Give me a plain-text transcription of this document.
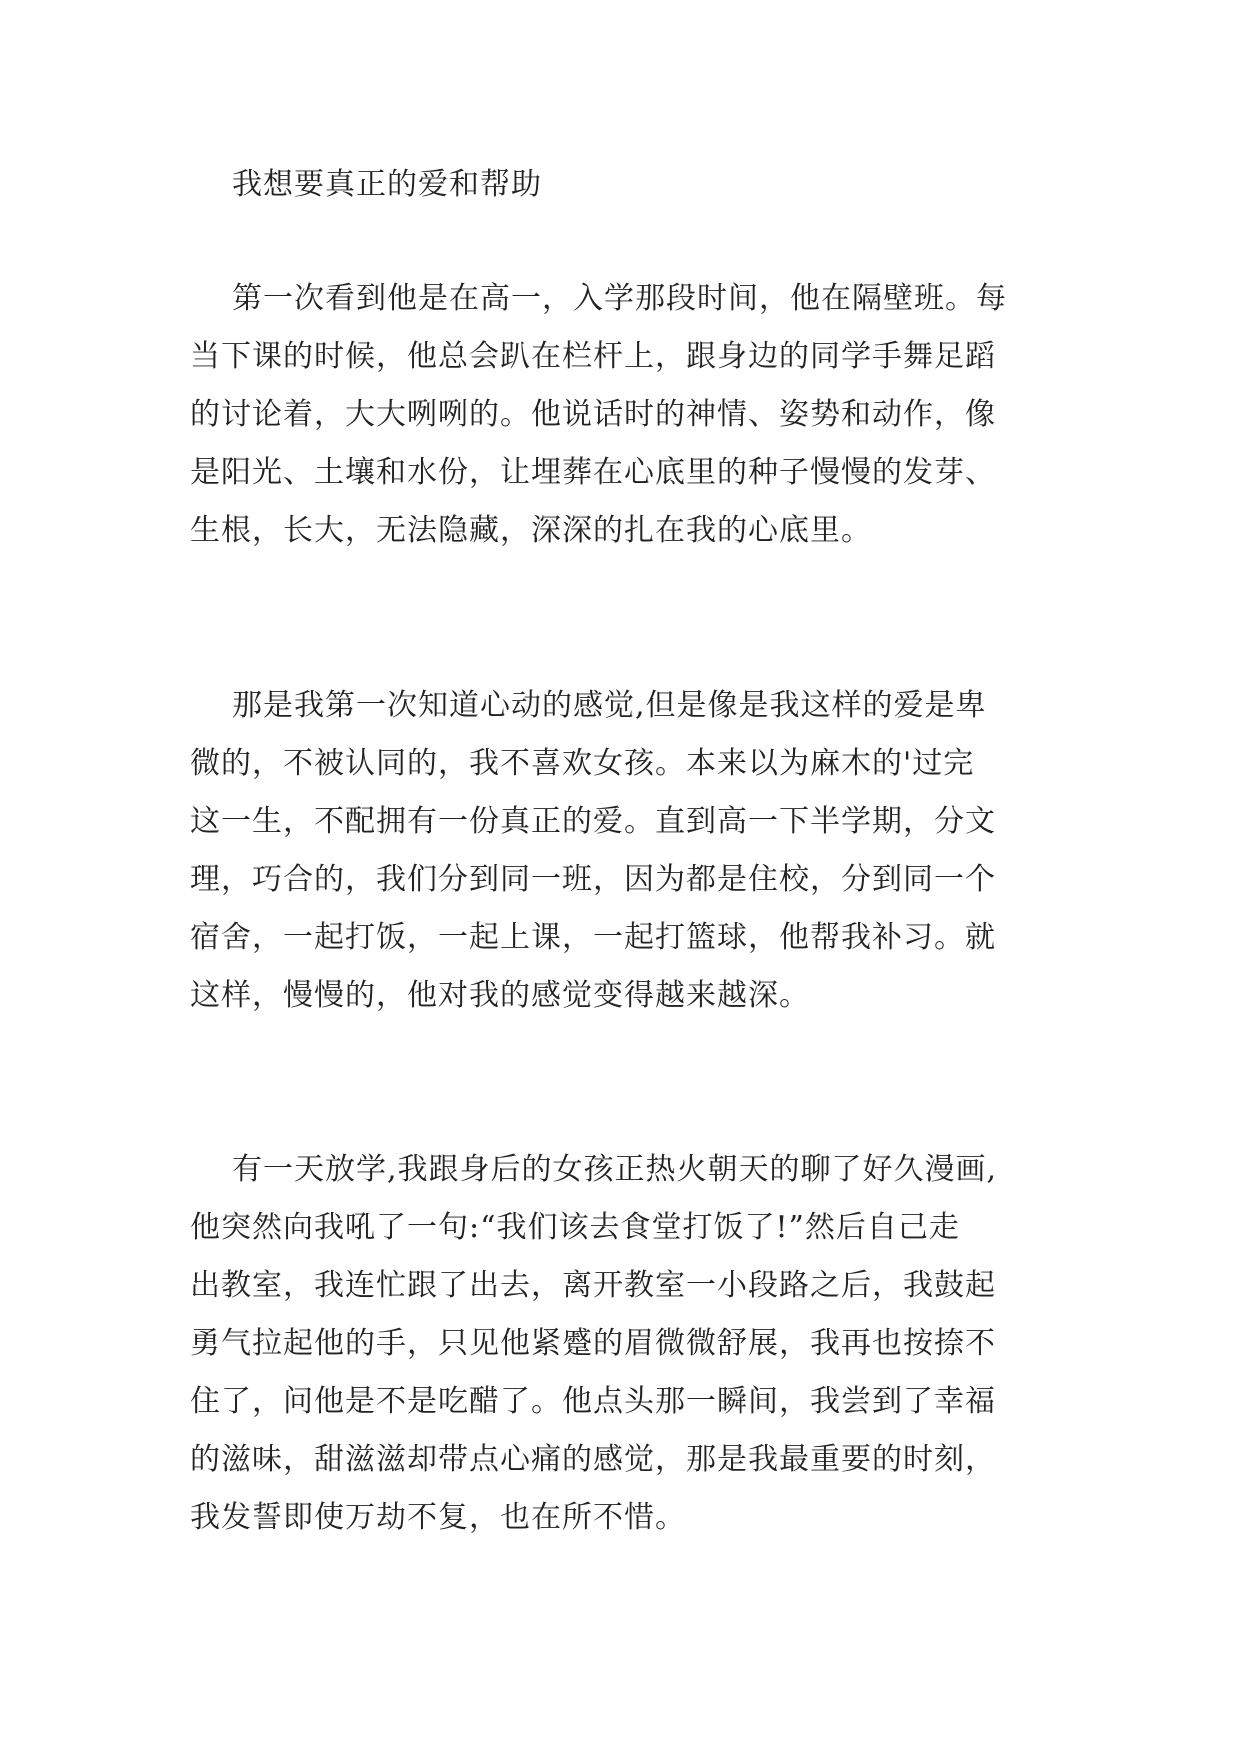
我想要真正的爱和帮助
第一次看到他是在高一，入学那段时间，他在隔壁班。每
当下课的时候，他总会趴在栏杆上，跟身边的同学手舞足蹈
的讨论着，大大咧咧的。他说话时的神情、姿势和动作，像
是阳光、土壤和水份，让埋葬在心底里的种子慢慢的发芽、
生根，长大，无法隐藏，深深的扎在我的心底里。
那是我第一次知道心动的感觉,但是像是我这样的爱是卑
微的，不被认同的，我不喜欢女孩。本来以为麻木的'过完
这一生，不配拥有一份真正的爱。直到高一下半学期，分文
理，巧合的，我们分到同一班，因为都是住校，分到同一个
宿舍，一起打饭，一起上课，一起打篮球，他帮我补习。就
这样，慢慢的，他对我的感觉变得越来越深。
有一天放学,我跟身后的女孩正热火朝天的聊了好久漫画,
他突然向我吼了一句:“我们该去食堂打饭了!”然后自己走
出教室，我连忙跟了出去，离开教室一小段路之后，我鼓起
勇气拉起他的手，只见他紧蹙的眉微微舒展，我再也按捺不
住了，问他是不是吃醋了。他点头那一瞬间，我尝到了幸福
的滋味，甜滋滋却带点心痛的感觉，那是我最重要的时刻，
我发誓即使万劫不复，也在所不惜。
